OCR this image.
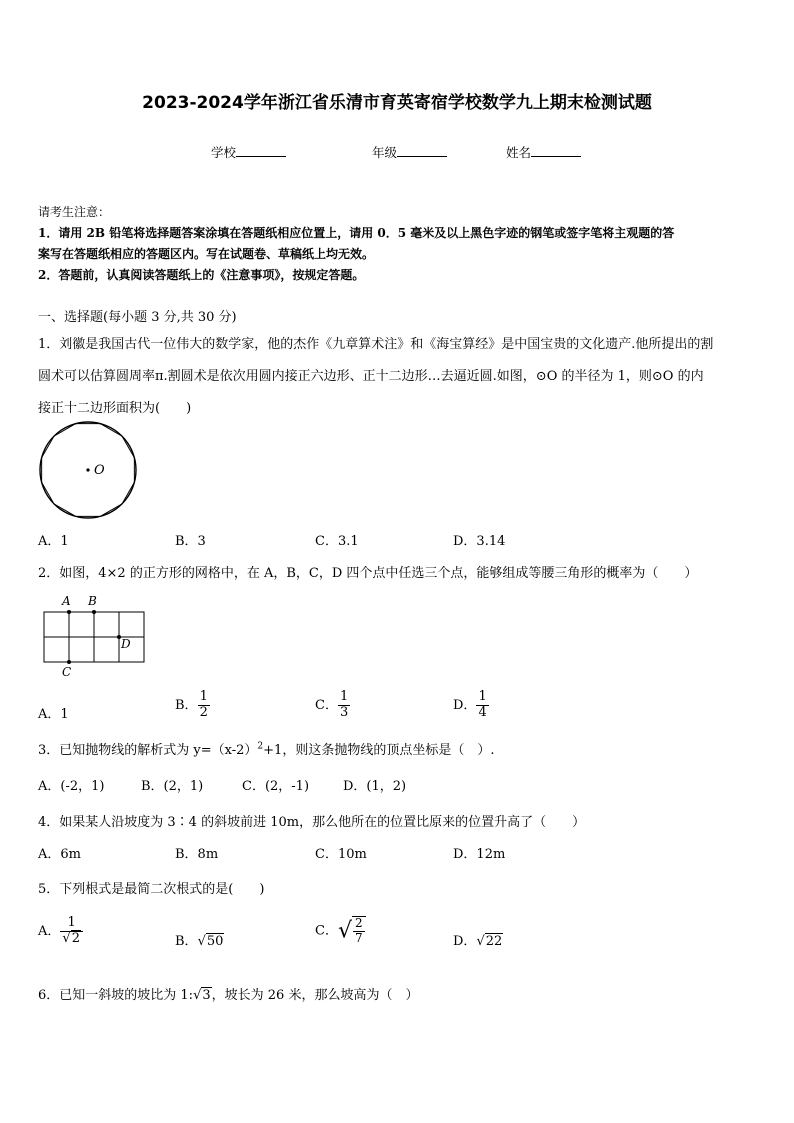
2023-2024学年浙江省乐清市育英寄宿学校数学九上期末检测试题
学校	年级	姓名
请考生注意：
1．请用 2B 铅笔将选择题答案涂填在答题纸相应位置上，请用 0．5 毫米及以上黑色字迹的钢笔或签字笔将主观题的答
案写在答题纸相应的答题区内。写在试题卷、草稿纸上均无效。
2．答题前，认真阅读答题纸上的《注意事项》，按规定答题。
一、选择题(每小题 3 分,共 30 分)
1．刘徽是我国古代一位伟大的数学家，他的杰作《九章算术注》和《海宝算经》是中国宝贵的文化遗产.他所提出的割
圆术可以估算圆周率π.割圆术是依次用圆内接正六边形、正十二边形…去逼近圆.如图，⊙O 的半径为 1，则⊙O 的内
接正十二边形面积为(　　)
O
A．1	B．3	C．3.1	D．3.14
2．如图，4×2 的正方形的网格中，在 A，B，C，D 四个点中任选三个点，能够组成等腰三角形的概率为（　　）
A B
C
D
A．1
B． $\frac{1}{2}$	C． $\frac{1}{3}$	D． $\frac{1}{4}$
3．已知抛物线的解析式为 $y=(x-2)^2+1$，则这条抛物线的顶点坐标是（　）.
A．(-2，1)	B．(2，1)	C．(2，-1)	D．(1，2)
4．如果某人沿坡度为 3∶4 的斜坡前进 10m，那么他所在的位置比原来的位置升高了（　　）
A．6m	B．8m	C．10m	D．12m
5．下列根式是最简二次根式的是(　　)
A． $\frac{1}{√2}$	B．√50
C．√ $\frac{2}{7}$	D．√22
6．已知一斜坡的坡比为 1:√3，坡长为 26 米，那么坡高为（　）
